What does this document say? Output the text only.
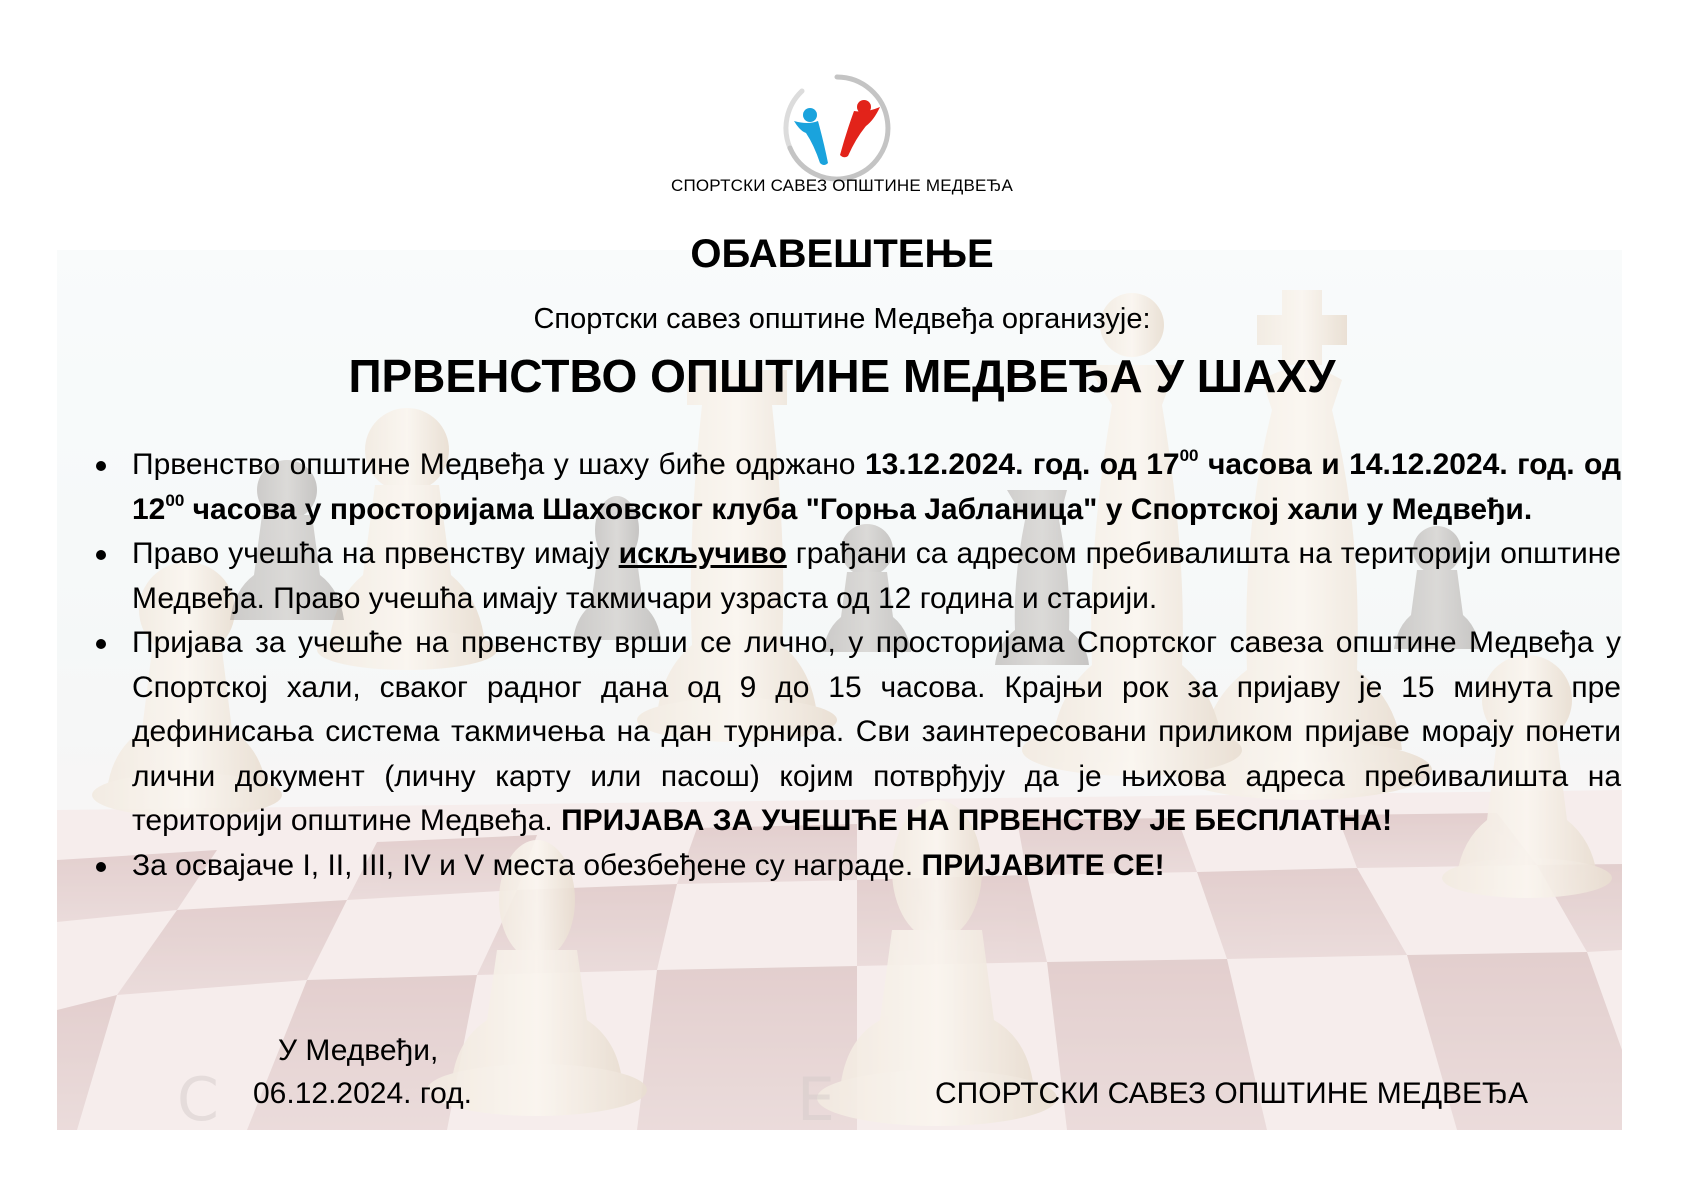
C	E
СПОРТСКИ САВЕЗ ОПШТИНЕ МЕДВЕЂА
ОБАВЕШТЕЊЕ
Спортски савез општине Медвеђа организује:
ПРВЕНСТВО ОПШТИНЕ МЕДВЕЂА У ШАХУ
Првенство општине Медвеђа у шаху биће одржано 13.12.2024. год. од $17^{00}$ часова и 14.12.2024. год. од $12^{00}$ часова у просторијама Шаховског клуба "Горња Јабланица" у Спортској хали у Медвеђи.
Право учешћа на првенству имају искључиво грађани са адресом пребивалишта на територији општине Медвеђа. Право учешћа имају такмичари узраста од 12 година и старији.
Пријава за учешће на првенству врши се лично, у просторијама Спортског савеза општине Медвеђа у Спортској хали, сваког радног дана од 9 до 15 часова. Крајњи рок за пријаву је 15 минута пре дефинисања система такмичења на дан турнира. Сви заинтересовани приликом пријаве морају понети лични документ (личну карту или пасош) којим потврђују да је њихова адреса пребивалишта на територији општине Медвеђа. ПРИЈАВА ЗА УЧЕШЋЕ НА ПРВЕНСТВУ ЈЕ БЕСПЛАТНА!
За освајаче I, II, III, IV и V места обезбеђене су награде. ПРИЈАВИТЕ СЕ!
У Медвеђи,
06.12.2024. год.	СПОРТСКИ САВЕЗ ОПШТИНЕ МЕДВЕЂА
